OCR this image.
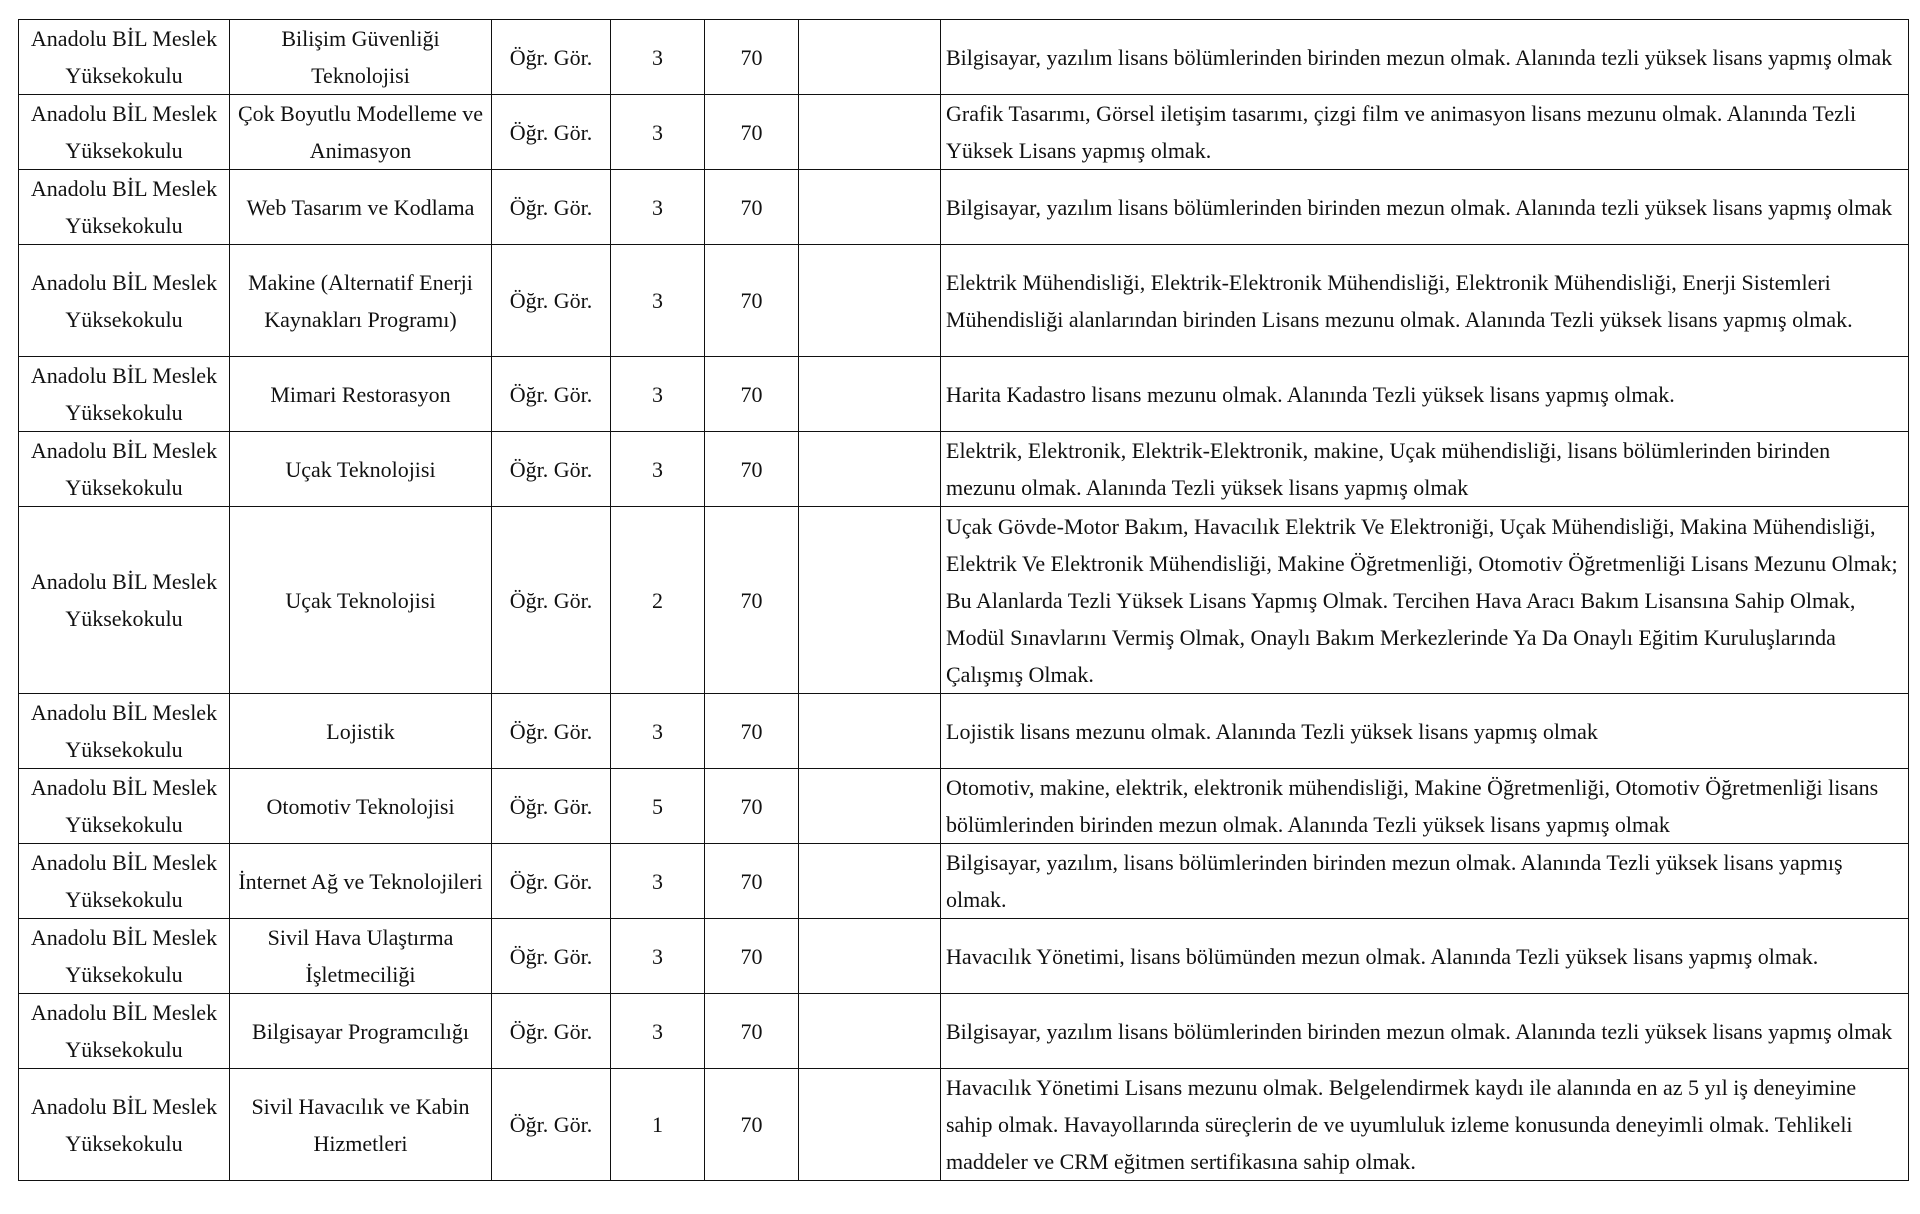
Anadolu BİL Meslek Yüksekokulu	Bilişim Güvenliği Teknolojisi	Öğr. Gör.	3	70		Bilgisayar, yazılım lisans bölümlerinden birinden mezun olmak. Alanında tezli yüksek lisans yapmış olmak
Anadolu BİL Meslek Yüksekokulu	Çok Boyutlu Modelleme ve Animasyon	Öğr. Gör.	3	70		Grafik Tasarımı, Görsel iletişim tasarımı, çizgi film ve animasyon lisans mezunu olmak. Alanında Tezli Yüksek Lisans yapmış olmak.
Anadolu BİL Meslek Yüksekokulu	Web Tasarım ve Kodlama	Öğr. Gör.	3	70		Bilgisayar, yazılım lisans bölümlerinden birinden mezun olmak. Alanında tezli yüksek lisans yapmış olmak
Anadolu BİL Meslek Yüksekokulu	Makine (Alternatif Enerji Kaynakları Programı)	Öğr. Gör.	3	70		Elektrik Mühendisliği, Elektrik-Elektronik Mühendisliği, Elektronik Mühendisliği, Enerji Sistemleri Mühendisliği alanlarından birinden Lisans mezunu olmak. Alanında Tezli yüksek lisans yapmış olmak.
Anadolu BİL Meslek Yüksekokulu	Mimari Restorasyon	Öğr. Gör.	3	70		Harita Kadastro lisans mezunu olmak. Alanında Tezli yüksek lisans yapmış olmak.
Anadolu BİL Meslek Yüksekokulu	Uçak Teknolojisi	Öğr. Gör.	3	70		Elektrik, Elektronik, Elektrik-Elektronik, makine, Uçak mühendisliği, lisans bölümlerinden birinden mezunu olmak. Alanında Tezli yüksek lisans yapmış olmak
Anadolu BİL Meslek Yüksekokulu	Uçak Teknolojisi	Öğr. Gör.	2	70		Uçak Gövde-Motor Bakım, Havacılık Elektrik Ve Elektroniği, Uçak Mühendisliği, Makina Mühendisliği, Elektrik Ve Elektronik Mühendisliği, Makine Öğretmenliği, Otomotiv Öğretmenliği Lisans Mezunu Olmak; Bu Alanlarda Tezli Yüksek Lisans Yapmış Olmak. Tercihen Hava Aracı Bakım Lisansına Sahip Olmak, Modül Sınavlarını Vermiş Olmak, Onaylı Bakım Merkezlerinde Ya Da Onaylı Eğitim Kuruluşlarında Çalışmış Olmak.
Anadolu BİL Meslek Yüksekokulu	Lojistik	Öğr. Gör.	3	70		Lojistik lisans mezunu olmak. Alanında Tezli yüksek lisans yapmış olmak
Anadolu BİL Meslek Yüksekokulu	Otomotiv Teknolojisi	Öğr. Gör.	5	70		Otomotiv, makine, elektrik, elektronik mühendisliği, Makine Öğretmenliği, Otomotiv Öğretmenliği lisans bölümlerinden birinden mezun olmak. Alanında Tezli yüksek lisans yapmış olmak
Anadolu BİL Meslek Yüksekokulu	İnternet Ağ ve Teknolojileri	Öğr. Gör.	3	70		Bilgisayar, yazılım, lisans bölümlerinden birinden mezun olmak. Alanında Tezli yüksek lisans yapmış olmak.
Anadolu BİL Meslek Yüksekokulu	Sivil Hava Ulaştırma İşletmeciliği	Öğr. Gör.	3	70		Havacılık Yönetimi, lisans bölümünden mezun olmak. Alanında Tezli yüksek lisans yapmış olmak.
Anadolu BİL Meslek Yüksekokulu	Bilgisayar Programcılığı	Öğr. Gör.	3	70		Bilgisayar, yazılım lisans bölümlerinden birinden mezun olmak. Alanında tezli yüksek lisans yapmış olmak
Anadolu BİL Meslek Yüksekokulu	Sivil Havacılık ve Kabin Hizmetleri	Öğr. Gör.	1	70		Havacılık Yönetimi Lisans mezunu olmak. Belgelendirmek kaydı ile alanında en az 5 yıl iş deneyimine sahip olmak. Havayollarında süreçlerin de ve uyumluluk izleme konusunda deneyimli olmak. Tehlikeli maddeler ve CRM eğitmen sertifikasına sahip olmak.
